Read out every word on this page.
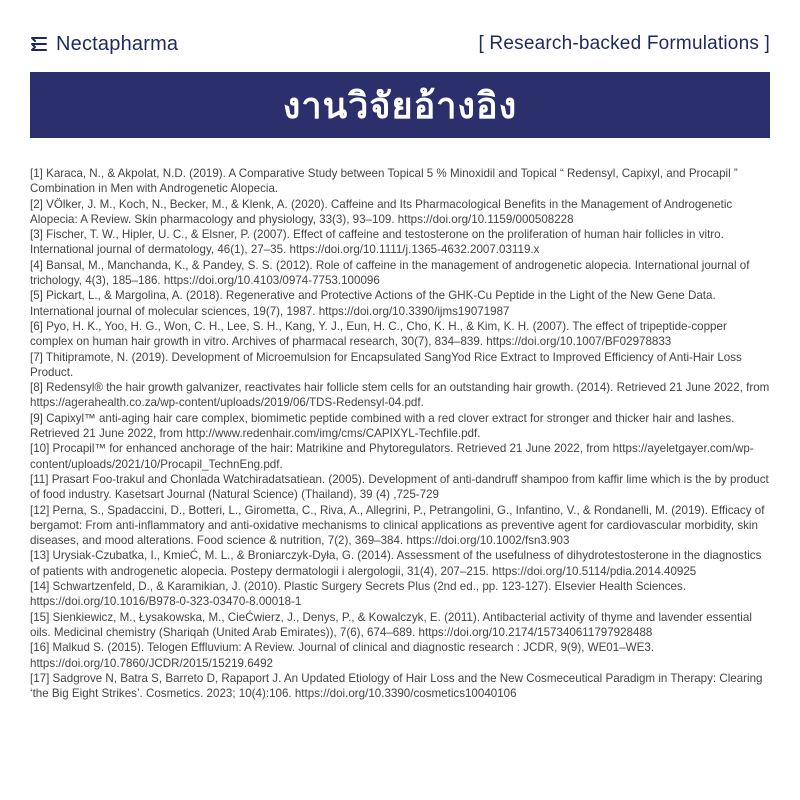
Nectapharma	[ Research-backed Formulations ]
งานวิจัยอ้างอิง

[1] Karaca, N., & Akpolat, N.D. (2019). A Comparative Study between Topical 5 % Minoxidil and Topical “ Redensyl, Capixyl, and Procapil ” Combination in Men with Androgenetic Alopecia.

[2] VÖlker, J. M., Koch, N., Becker, M., & Klenk, A. (2020). Caffeine and Its Pharmacological Benefits in the Management of Androgenetic Alopecia: A Review. Skin pharmacology and physiology, 33(3), 93–109. https://doi.org/10.1159/000508228

[3] Fischer, T. W., Hipler, U. C., & Elsner, P. (2007). Effect of caffeine and testosterone on the proliferation of human hair follicles in vitro. International journal of dermatology, 46(1), 27–35. https://doi.org/10.1111/j.1365-4632.2007.03119.x

[4] Bansal, M., Manchanda, K., & Pandey, S. S. (2012). Role of caffeine in the management of androgenetic alopecia. International journal of trichology, 4(3), 185–186. https://doi.org/10.4103/0974-7753.100096

[5] Pickart, L., & Margolina, A. (2018). Regenerative and Protective Actions of the GHK-Cu Peptide in the Light of the New Gene Data. International journal of molecular sciences, 19(7), 1987. https://doi.org/10.3390/ijms19071987

[6] Pyo, H. K., Yoo, H. G., Won, C. H., Lee, S. H., Kang, Y. J., Eun, H. C., Cho, K. H., & Kim, K. H. (2007). The effect of tripeptide-copper complex on human hair growth in vitro. Archives of pharmacal research, 30(7), 834–839. https://doi.org/10.1007/BF02978833

[7] Thitipramote, N. (2019). Development of Microemulsion for Encapsulated SangYod Rice Extract to Improved Efficiency of Anti-Hair Loss Product.

[8] Redensyl® the hair growth galvanizer, reactivates hair follicle stem cells for an outstanding hair growth. (2014). Retrieved 21 June 2022, from https://agerahealth.co.za/wp-content/uploads/2019/06/TDS-Redensyl-04.pdf.

[9] Capixyl™ anti-aging hair care complex, biomimetic peptide combined with a red clover extract for stronger and thicker hair and lashes. Retrieved 21 June 2022, from http://www.redenhair.com/img/cms/CAPIXYL-Techfile.pdf.

[10] Procapil™ for enhanced anchorage of the hair: Matrikine and Phytoregulators. Retrieved 21 June 2022, from https://ayeletgayer.com/wp-content/uploads/2021/10/Procapil_TechnEng.pdf.

[11] Prasart Foo-trakul and Chonlada Watchiradatsatiean. (2005). Development of anti-dandruff shampoo from kaffir lime which is the by product of food industry. Kasetsart Journal (Natural Science) (Thailand), 39 (4) ,725-729

[12] Perna, S., Spadaccini, D., Botteri, L., Girometta, C., Riva, A., Allegrini, P., Petrangolini, G., Infantino, V., & Rondanelli, M. (2019). Efficacy of bergamot: From anti-inflammatory and anti-oxidative mechanisms to clinical applications as preventive agent for cardiovascular morbidity, skin diseases, and mood alterations. Food science & nutrition, 7(2), 369–384. https://doi.org/10.1002/fsn3.903

[13] Urysiak-Czubatka, I., KmieĆ, M. L., & Broniarczyk-Dyła, G. (2014). Assessment of the usefulness of dihydrotestosterone in the diagnostics of patients with androgenetic alopecia. Postepy dermatologii i alergologii, 31(4), 207–215. https://doi.org/10.5114/pdia.2014.40925

[14] Schwartzenfeld, D., & Karamikian, J. (2010). Plastic Surgery Secrets Plus (2nd ed., pp. 123-127). Elsevier Health Sciences. https://doi.org/10.1016/B978-0-323-03470-8.00018-1

[15] Sienkiewicz, M., Łysakowska, M., CieĆwierz, J., Denys, P., & Kowalczyk, E. (2011). Antibacterial activity of thyme and lavender essential oils. Medicinal chemistry (Shariqah (United Arab Emirates)), 7(6), 674–689. https://doi.org/10.2174/157340611797928488

[16] Malkud S. (2015). Telogen Effluvium: A Review. Journal of clinical and diagnostic research : JCDR, 9(9), WE01–WE3. https://doi.org/10.7860/JCDR/2015/15219.6492

[17] Sadgrove N, Batra S, Barreto D, Rapaport J. An Updated Etiology of Hair Loss and the New Cosmeceutical Paradigm in Therapy: Clearing ‘the Big Eight Strikes’. Cosmetics. 2023; 10(4):106. https://doi.org/10.3390/cosmetics10040106
